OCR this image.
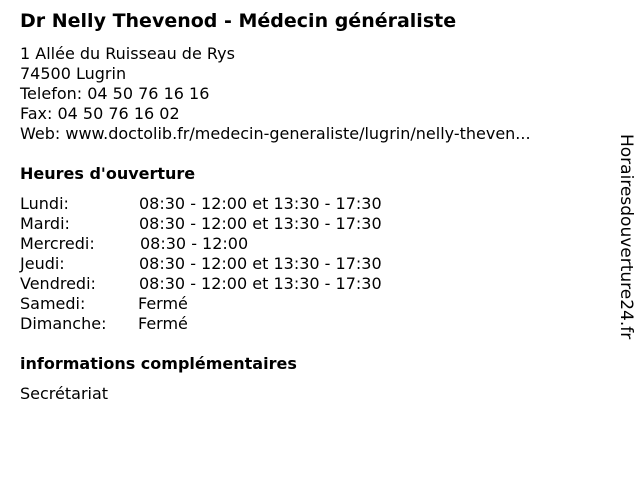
Dr Nelly Thevenod - Médecin généraliste
1 Allée du Ruisseau de Rys
74500 Lugrin
Telefon: 04 50 76 16 16
Fax: 04 50 76 16 02
Web: www.doctolib.fr/medecin-generaliste/lugrin/nelly-theven...
Heures d'ouverture
Lundi:	08:30 - 12:00 et 13:30 - 17:30
Mardi:	08:30 - 12:00 et 13:30 - 17:30
Mercredi:	08:30 - 12:00
Jeudi:	08:30 - 12:00 et 13:30 - 17:30
Vendredi:	08:30 - 12:00 et 13:30 - 17:30
Samedi:	Fermé
Dimanche: Fermé
informations complémentaires
Secrétariat
Horairesdouverture24.fr
